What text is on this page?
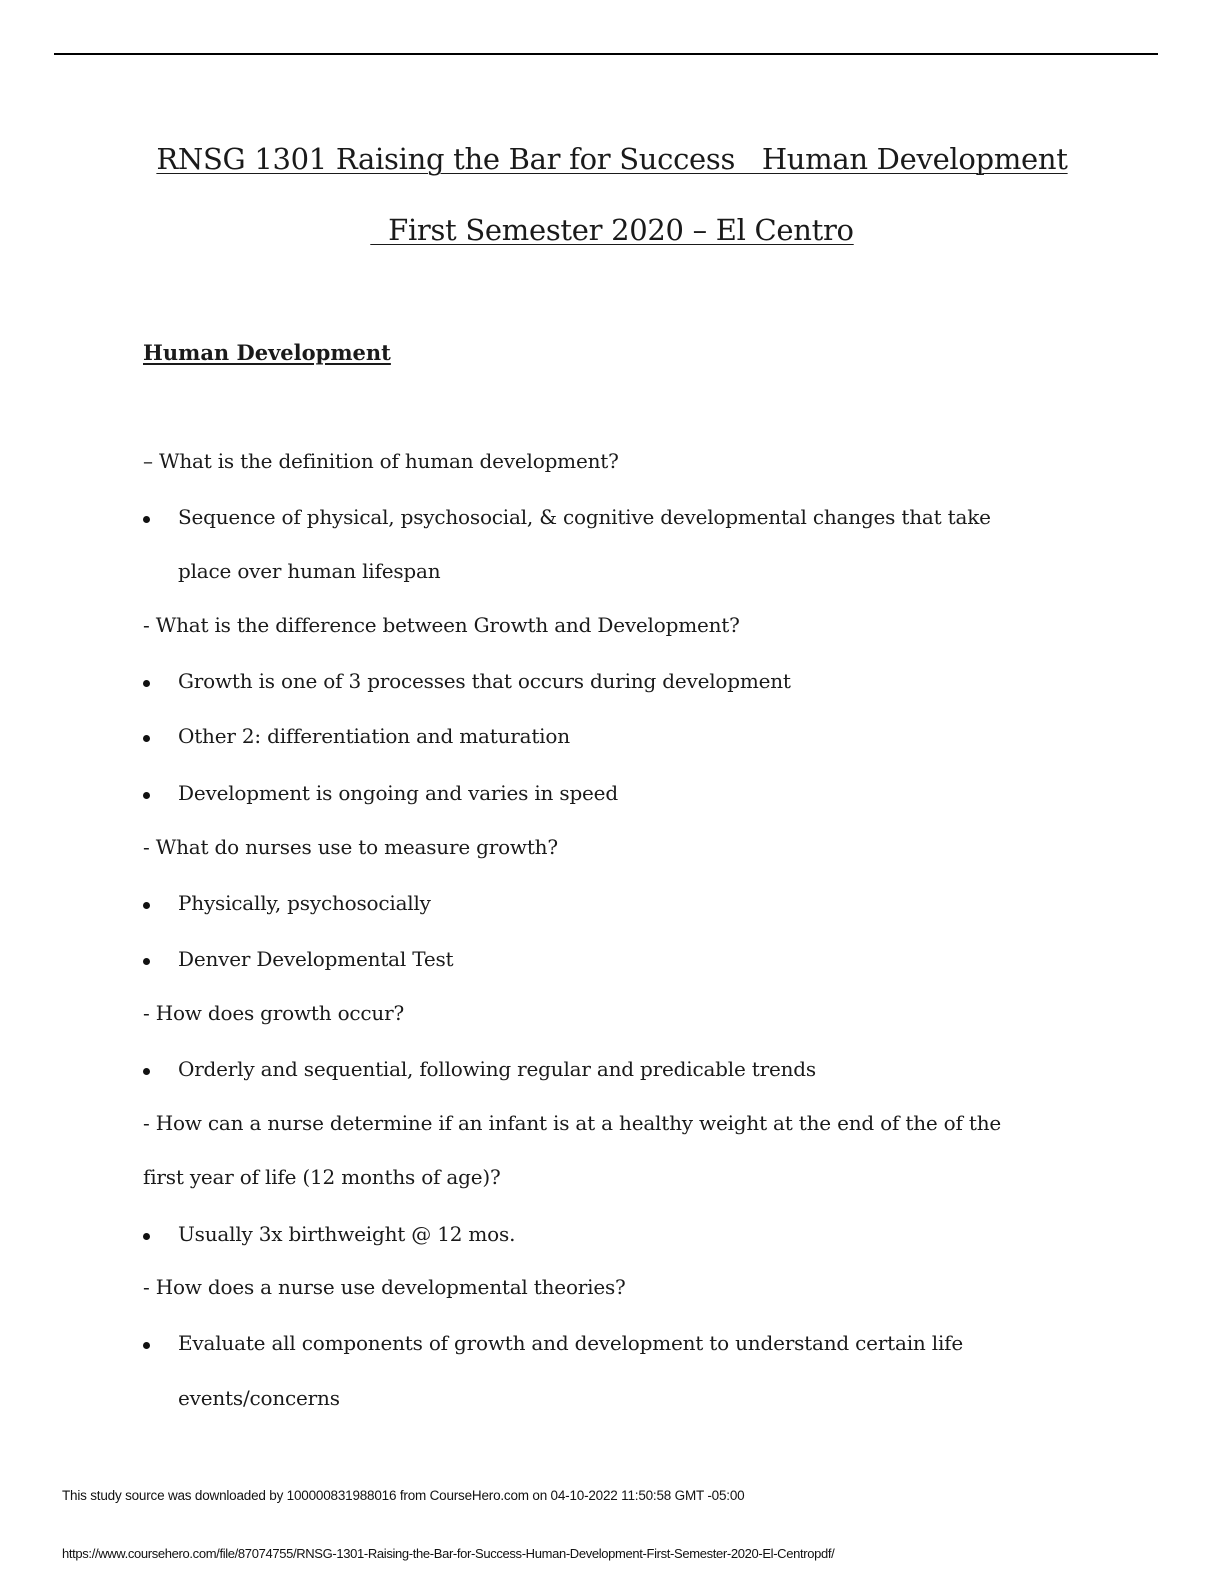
RNSG 1301 Raising the Bar for Success   Human Development
First Semester 2020 – El Centro
Human Development
– What is the definition of human development?
Sequence of physical, psychosocial, & cognitive developmental changes that take
place over human lifespan
- What is the difference between Growth and Development?
Growth is one of 3 processes that occurs during development
Other 2: differentiation and maturation
Development is ongoing and varies in speed
- What do nurses use to measure growth?
Physically, psychosocially
Denver Developmental Test
- How does growth occur?
Orderly and sequential, following regular and predicable trends
- How can a nurse determine if an infant is at a healthy weight at the end of the of the
first year of life (12 months of age)?
Usually 3x birthweight @ 12 mos.
- How does a nurse use developmental theories?
Evaluate all components of growth and development to understand certain life
events/concerns
This study source was downloaded by 100000831988016 from CourseHero.com on 04-10-2022 11:50:58 GMT -05:00
https://www.coursehero.com/file/87074755/RNSG-1301-Raising-the-Bar-for-Success-Human-Development-First-Semester-2020-El-Centropdf/
